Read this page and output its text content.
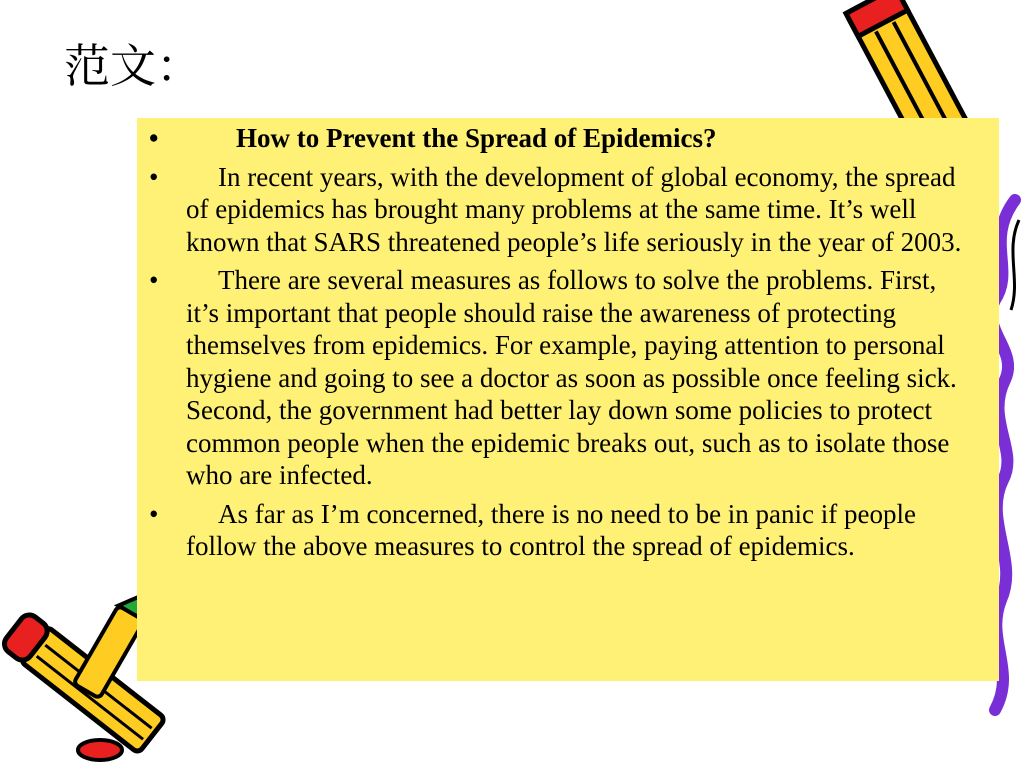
范文：
•	How to Prevent the Spread of Epidemics?
• In recent years, with the development of global economy, the spread of epidemics has brought many problems at the same time. It’s well known that SARS threatened people’s life seriously in the year of 2003.
• There are several measures as follows to solve the problems. First, it’s important that people should raise the awareness of protecting themselves from epidemics. For example, paying attention to personal hygiene and going to see a doctor as soon as possible once feeling sick. Second, the government had better lay down some policies to protect common people when the epidemic breaks out, such as to isolate those who are infected.
• As far as I’m concerned, there is no need to be in panic if people follow the above measures to control the spread of epidemics.
